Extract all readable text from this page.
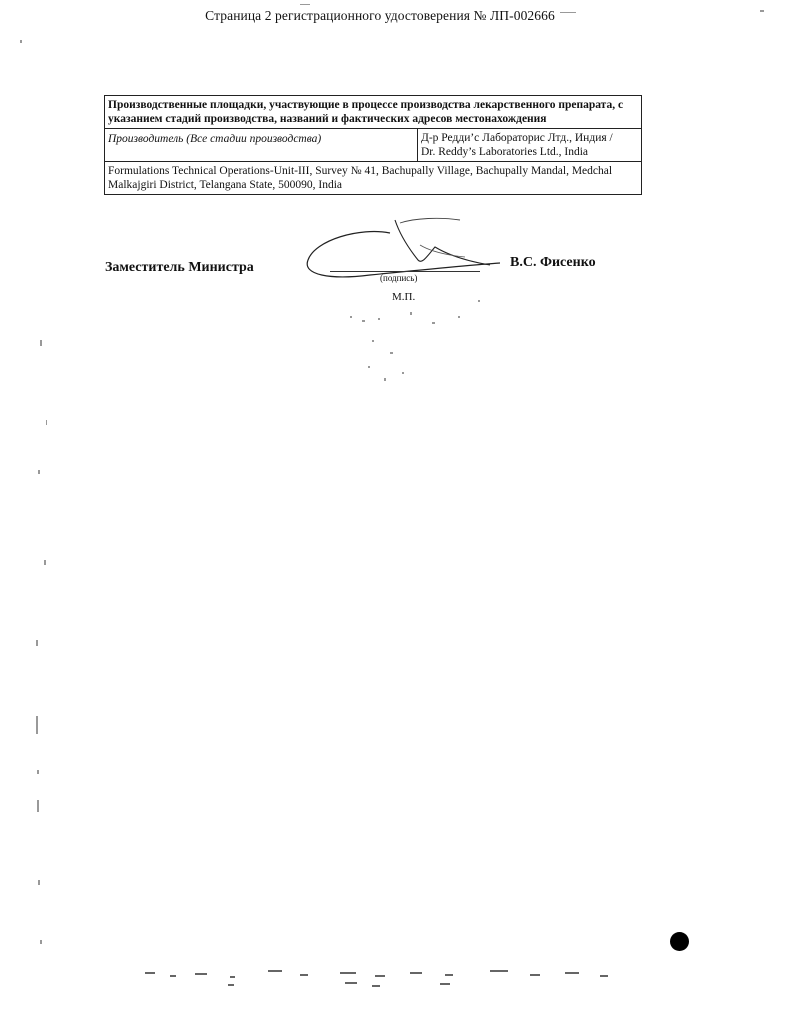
Страница 2 регистрационного удостоверения № ЛП-002666
Производственные площадки, участвующие в процессе производства лекарственного препарата, с указанием стадий производства, названий и фактических адресов местонахождения
Производитель (Все стадии производства)	Д-р Редди’с Лабораторис Лтд., Индия /
Dr. Reddy’s Laboratories Ltd., India
Formulations Technical Operations-Unit-III, Survey № 41, Bachupally Village, Bachupally Mandal, Medchal Malkajgiri District, Telangana State, 500090, India
Заместитель Министра
(подпись)
М.П.
В.С. Фисенко
